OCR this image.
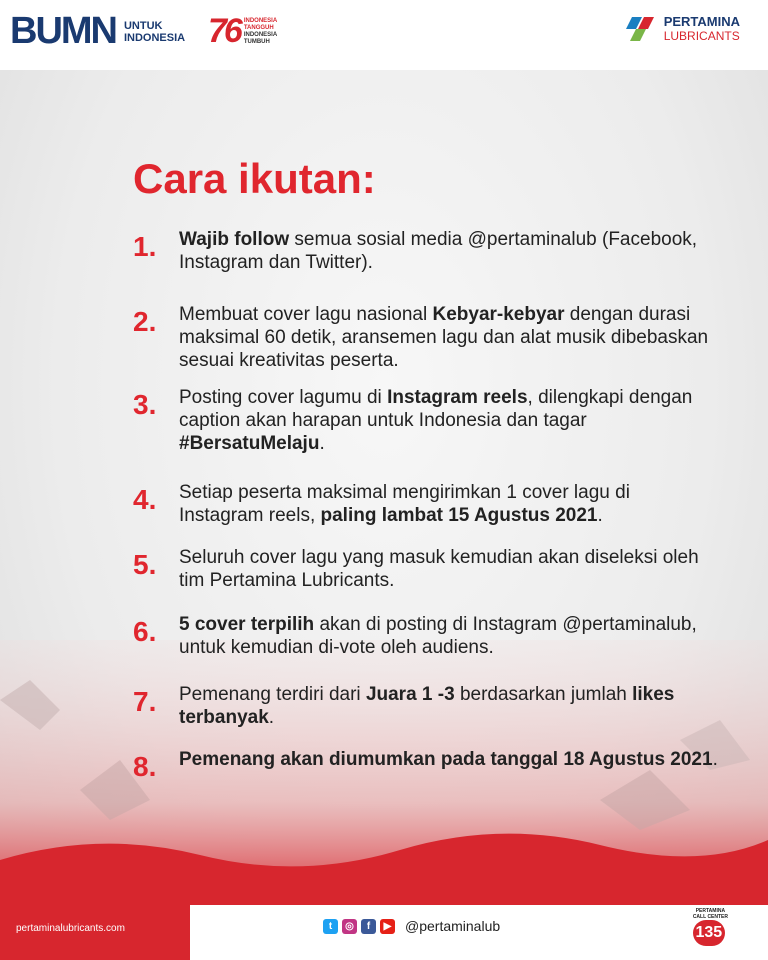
BUMN UNTUK
INDONESIA 76 INDONESIA
TANGGUH
INDONESIA
TUMBUH
PERTAMINA
LUBRICANTS
Cara ikutan:
1. Wajib follow semua sosial media @pertaminalub (Facebook, Instagram dan Twitter).
2. Membuat cover lagu nasional Kebyar-kebyar dengan durasi maksimal 60 detik, aransemen lagu dan alat musik dibebaskan sesuai kreativitas peserta.
3. Posting cover lagumu di Instagram reels, dilengkapi dengan caption akan harapan untuk Indonesia dan tagar #BersatuMelaju.
4. Setiap peserta maksimal mengirimkan 1 cover lagu di Instagram reels, paling lambat 15 Agustus 2021.
5. Seluruh cover lagu yang masuk kemudian akan diseleksi oleh tim Pertamina Lubricants.
6. 5 cover terpilih akan di posting di Instagram @pertaminalub, untuk kemudian di-vote oleh audiens.
7. Pemenang terdiri dari Juara 1 -3 berdasarkan jumlah likes terbanyak.
8. Pemenang akan diumumkan pada tanggal 18 Agustus 2021.
pertaminalubricants.com	t	◎	f	▶ @pertaminalub
PERTAMINA
CALL CENTER
135
